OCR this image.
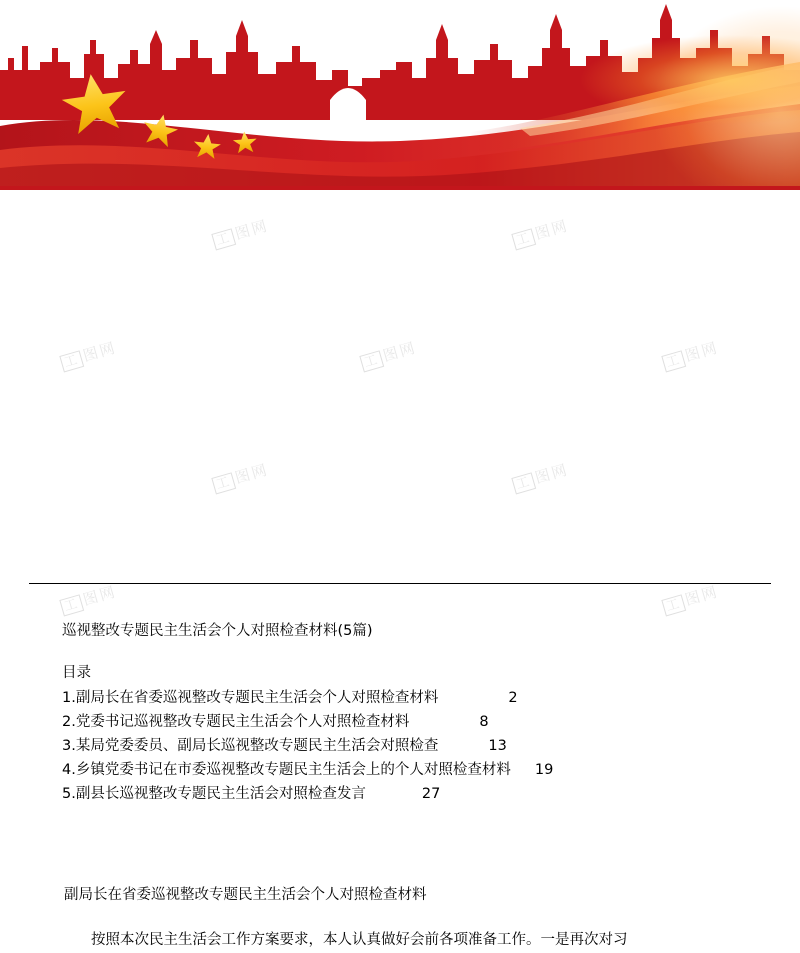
工图网	工图网
工图网	工图网	工图网
工图网	工图网
工图网	工图网
巡视整改专题民主生活会个人对照检查材料(5篇)
目录
1. 副局长在省委巡视整改专题民主生活会个人对照检查材料	2
2. 党委书记巡视整改专题民主生活会个人对照检查材料	8
3. 某局党委委员、副局长巡视整改专题民主生活会对照检查	13
4. 乡镇党委书记在市委巡视整改专题民主生活会上的个人对照检查材料 19
5. 副县长巡视整改专题民主生活会对照检查发言	27
副局长在省委巡视整改专题民主生活会个人对照检查材料
按照本次民主生活会工作方案要求，本人认真做好会前各项准备工作。一是再次对习
